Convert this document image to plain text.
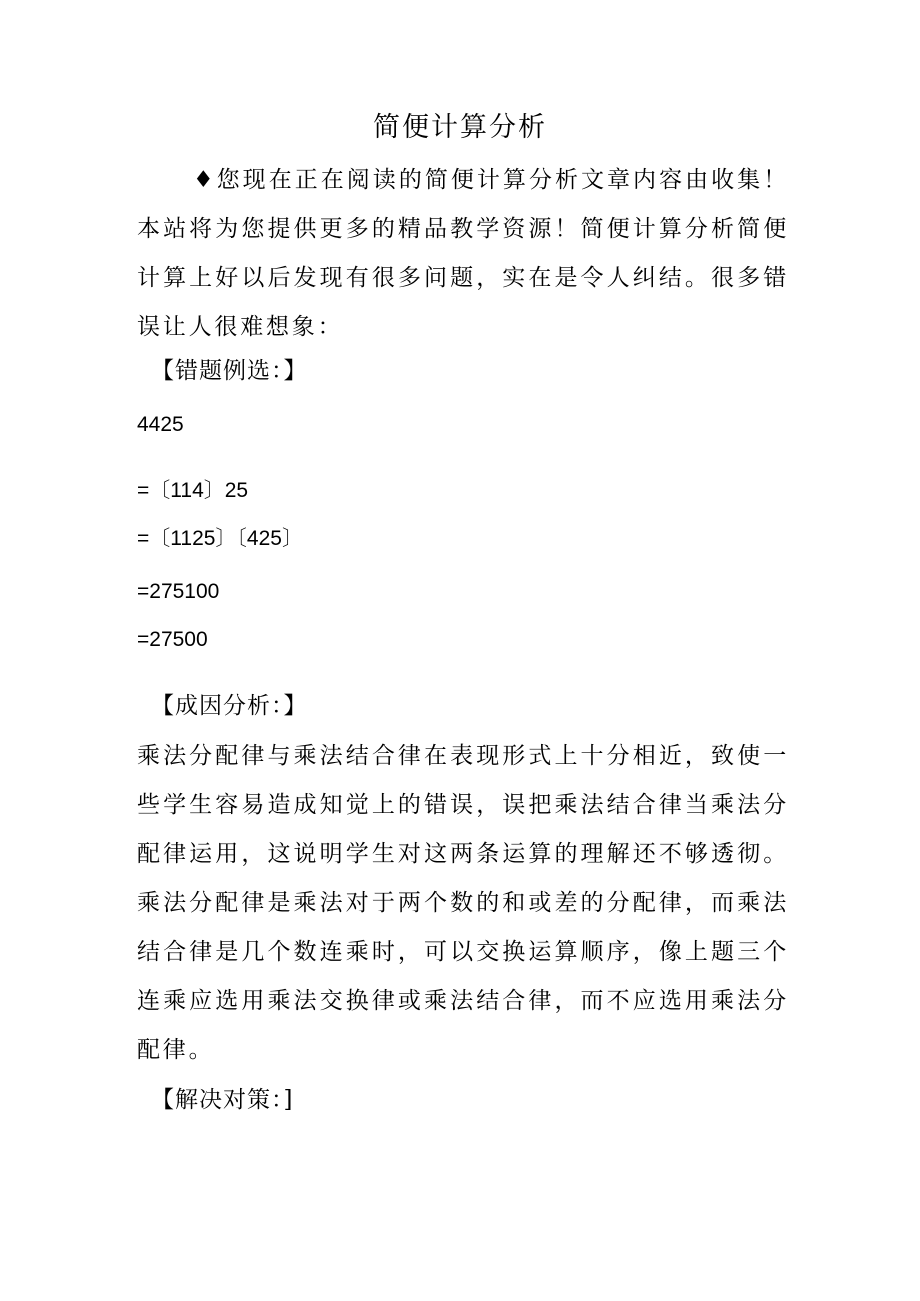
简便计算分析
♦您现在正在阅读的简便计算分析文章内容由收集！本站将为您提供更多的精品教学资源！简便计算分析简便计算上好以后发现有很多问题，实在是令人纠结。很多错误让人很难想象：
【错题例选：】
4425
=〔114〕25
=〔1125〕〔425〕
=275100
=27500
【成因分析：】
乘法分配律与乘法结合律在表现形式上十分相近，致使一些学生容易造成知觉上的错误，误把乘法结合律当乘法分配律运用，这说明学生对这两条运算的理解还不够透彻。乘法分配律是乘法对于两个数的和或差的分配律，而乘法结合律是几个数连乘时，可以交换运算顺序，像上题三个连乘应选用乘法交换律或乘法结合律，而不应选用乘法分配律。
【解决对策：]
